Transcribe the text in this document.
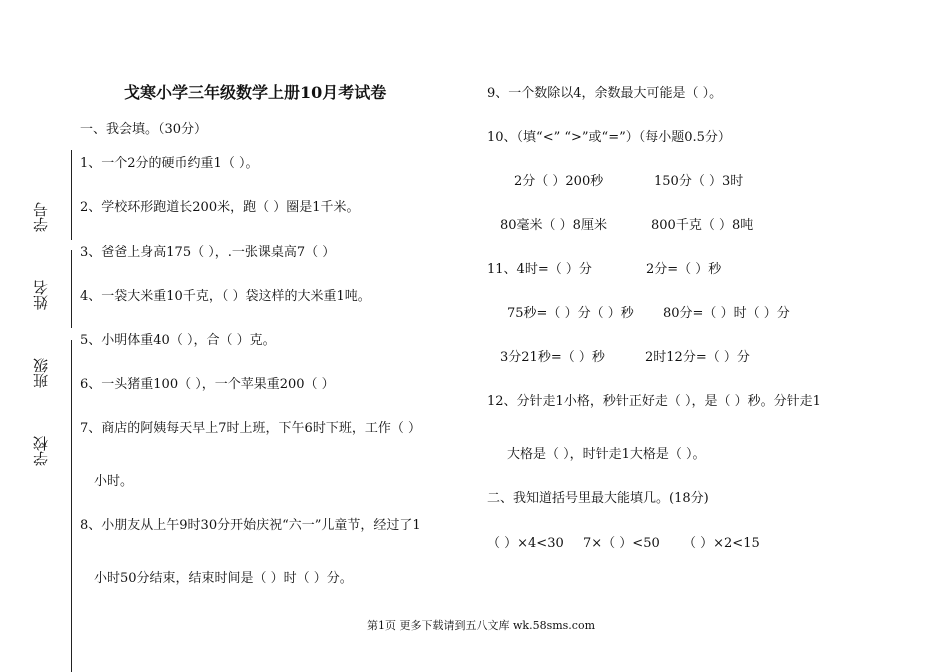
戈寒小学三年级数学上册10月考试卷
学号
姓名
班级
学校
一、我会填。（30分）
1、一个2分的硬币约重1（ ）。
2、学校环形跑道长200米，跑（ ）圈是1千米。
3、爸爸上身高175（ ），.一张课桌高7（ ）
4、一袋大米重10千克，（ ）袋这样的大米重1吨。
5、小明体重40（ ），合（ ）克。
6、一头猪重100（ ），一个苹果重200（ ）
7、商店的阿姨每天早上7时上班，下午6时下班，工作（ ）
小时。
8、小朋友从上午9时30分开始庆祝“六一”儿童节，经过了1
小时50分结束，结束时间是（ ）时（ ）分。
9、一个数除以4，余数最大可能是（ ）。
10、（填“<” “>”或“=”）（每小题0.5分）
2分（ ）200秒	150分（ ）3时
80毫米（ ）8厘米	800千克（ ）8吨
11、4时=（ ）分	2分=（ ）秒
75秒=（ ）分（ ）秒 80分=（ ）时（ ）分
3分21秒=（ ）秒	2时12分=（ ）分
12、分针走1小格，秒针正好走（ ），是（ ）秒。分针走1
大格是（ ），时针走1大格是（ ）。
二、我知道括号里最大能填几。(18分)
（ ）×4<30 7×（ ）<50 （ ）×2<15
第1页 更多下载请到五八文库 wk.58sms.com
